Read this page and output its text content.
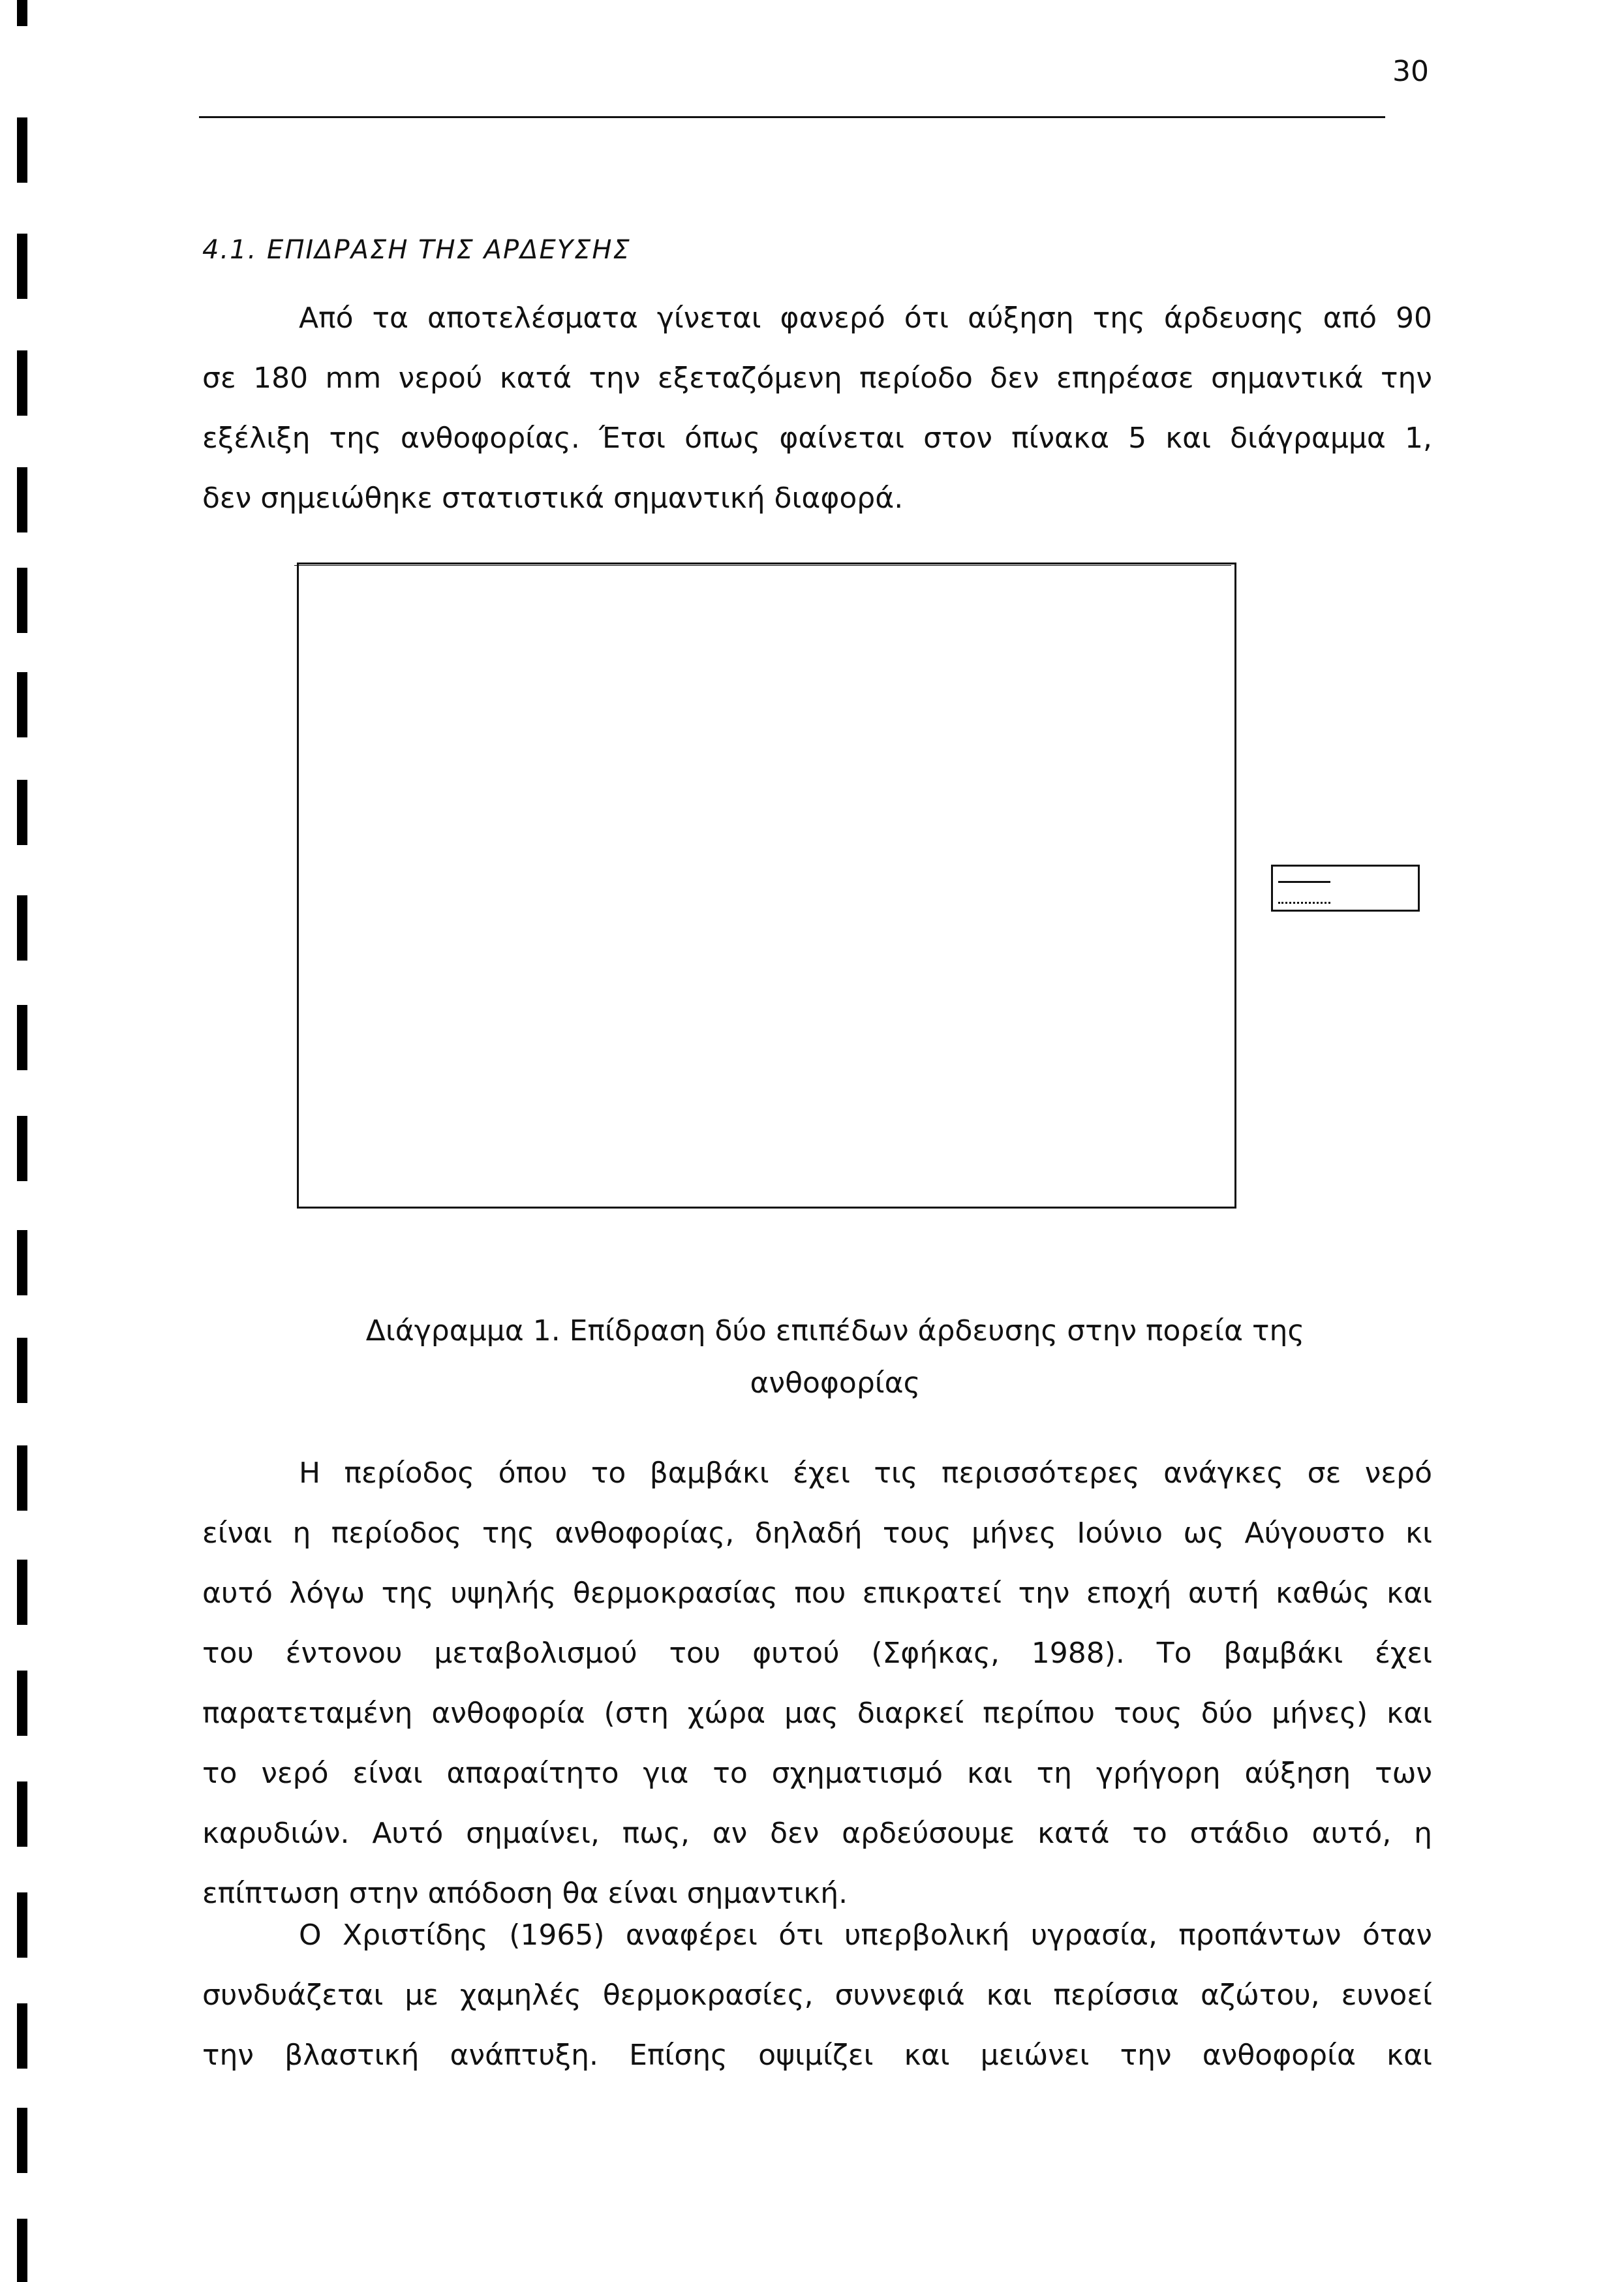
30
4.1. ΕΠΙΔΡΑΣΗ ΤΗΣ ΑΡΔΕΥΣΗΣ
Από τα αποτελέσματα γίνεται φανερό ότι αύξηση της άρδευσης από 90
σε 180 mm νερού κατά την εξεταζόμενη περίοδο δεν επηρέασε σημαντικά την
εξέλιξη της ανθοφορίας. Έτσι όπως φαίνεται στον πίνακα 5 και διάγραμμα 1,
δεν σημειώθηκε στατιστικά σημαντική διαφορά.
Διάγραμμα 1. Επίδραση δύο επιπέδων άρδευσης στην πορεία της
ανθοφορίας
Η περίοδος όπου το βαμβάκι έχει τις περισσότερες ανάγκες σε νερό
είναι η περίοδος της ανθοφορίας, δηλαδή τους μήνες Ιούνιο ως Αύγουστο κι
αυτό λόγω της υψηλής θερμοκρασίας που επικρατεί την εποχή αυτή καθώς και
του έντονου μεταβολισμού του φυτού (Σφήκας, 1988). Το βαμβάκι έχει
παρατεταμένη ανθοφορία (στη χώρα μας διαρκεί περίπου τους δύο μήνες) και
το νερό είναι απαραίτητο για το σχηματισμό και τη γρήγορη αύξηση των
καρυδιών. Αυτό σημαίνει, πως, αν δεν αρδεύσουμε κατά το στάδιο αυτό, η
επίπτωση στην απόδοση θα είναι σημαντική.
Ο Χριστίδης (1965) αναφέρει ότι υπερβολική υγρασία, προπάντων όταν
συνδυάζεται με χαμηλές θερμοκρασίες, συννεφιά και περίσσια αζώτου, ευνοεί
την βλαστική ανάπτυξη. Επίσης οψιμίζει και μειώνει την ανθοφορία και
